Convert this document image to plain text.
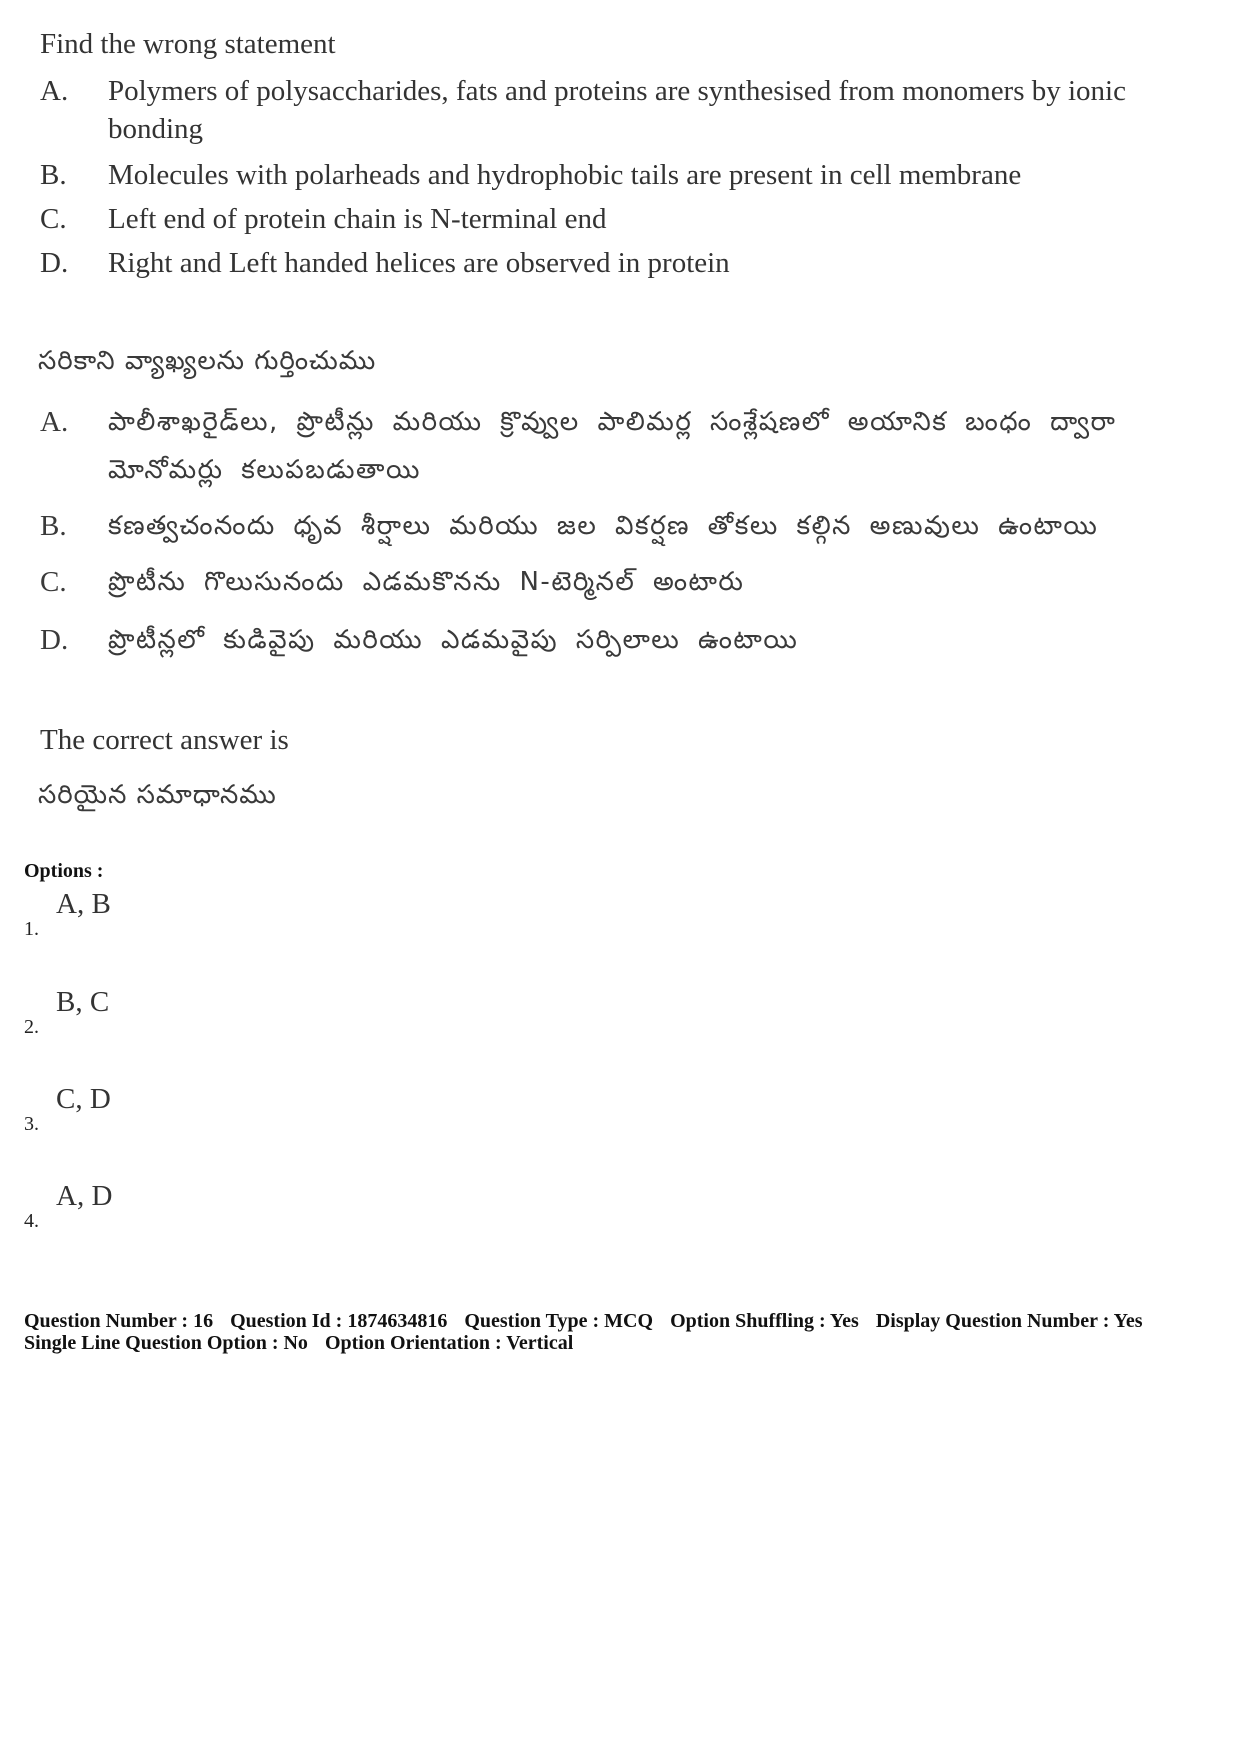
Find the wrong statement
A. Polymers of polysaccharides, fats and proteins are synthesised from monomers by ionic bonding
B. Molecules with polarheads and hydrophobic tails are present in cell membrane
C. Left end of protein chain is N-terminal end
D. Right and Left handed helices are observed in protein
సరికాని వ్యాఖ్యలను గుర్తించుము
A. పాలీశాఖరైడ్‌లు, ప్రొటీన్లు మరియు క్రొవ్వుల పాలిమర్ల సంశ్లేషణలో అయానిక బంధం ద్వారా మోనోమర్లు కలుపబడుతాయి
B. కణత్వచంనందు ధృవ శీర్షాలు మరియు జల వికర్షణ తోకలు కల్గిన అణువులు ఉంటాయి
C. ప్రొటీను గొలుసునందు ఎడమకొనను N-టెర్మినల్ అంటారు
D. ప్రొటీన్లలో కుడివైపు మరియు ఎడమవైపు సర్పిలాలు ఉంటాయి
The correct answer is
సరియైన సమాధానము
Options :
1.
A, B
2.
B, C
3.
C, D
4.
A, D
Question Number : 16 Question Id : 1874634816 Question Type : MCQ Option Shuffling : Yes Display Question Number : Yes
Single Line Question Option : No Option Orientation : Vertical
